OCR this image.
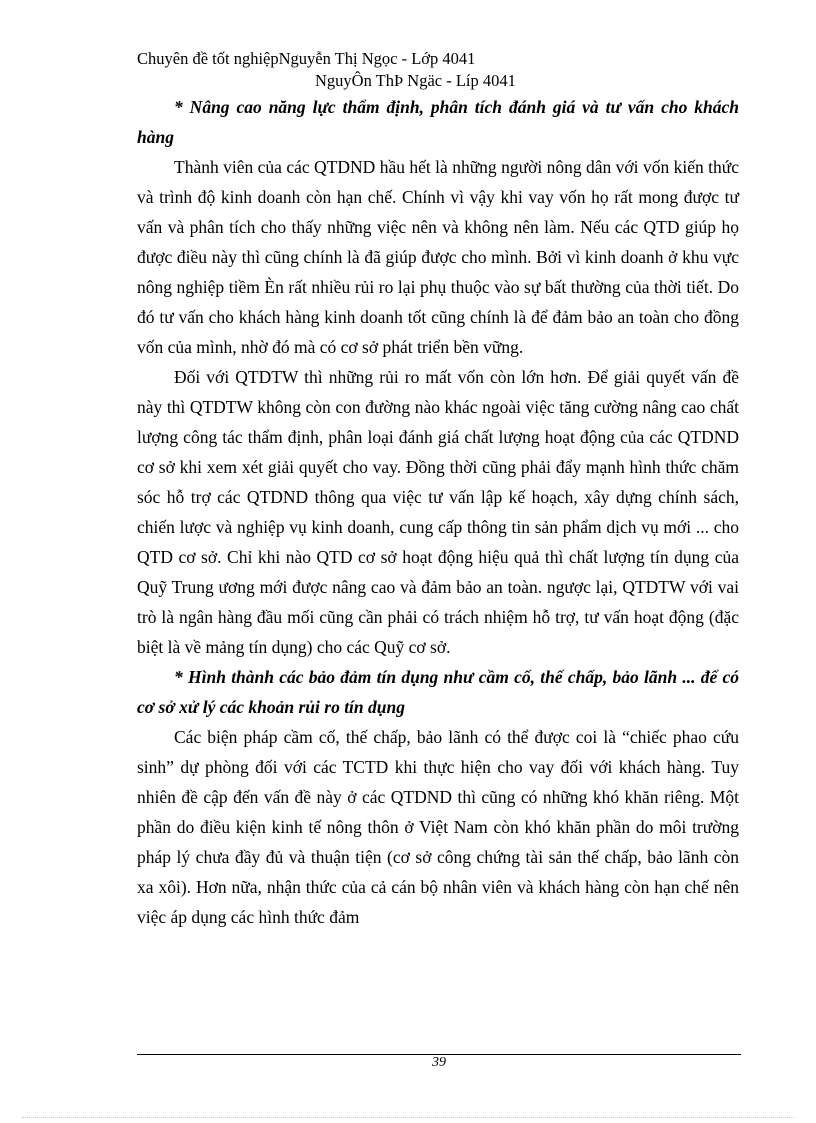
Chuyên đề tốt nghiệpNguyễn Thị Ngọc - Lớp 4041
NguyÔn ThÞ Ngäc - Líp 4041

* Nâng cao năng lực thẩm định, phân tích đánh giá và tư vấn cho khách hàng

Thành viên của các QTDND hầu hết là những người nông dân với vốn kiến thức và trình độ kinh doanh còn hạn chế. Chính vì vậy khi vay vốn họ rất mong được tư vấn và phân tích cho thấy những việc nên và không nên làm. Nếu các QTD giúp họ được điều này thì cũng chính là đã giúp được cho mình. Bởi vì kinh doanh ở khu vực nông nghiệp tiềm Èn rất nhiều rủi ro lại phụ thuộc vào sự bất thường của thời tiết. Do đó tư vấn cho khách hàng kinh doanh tốt cũng chính là để đảm bảo an toàn cho đồng vốn của mình, nhờ đó mà có cơ sở phát triển bền vững.

Đối với QTDTW thì những rủi ro mất vốn còn lớn hơn. Để giải quyết vấn đề này thì QTDTW không còn con đường nào khác ngoài việc tăng cường nâng cao chất lượng công tác thẩm định, phân loại đánh giá chất lượng hoạt động của các QTDND cơ sở khi xem xét giải quyết cho vay. Đồng thời cũng phải đẩy mạnh hình thức chăm sóc hỗ trợ các QTDND thông qua việc tư vấn lập kế hoạch, xây dựng chính sách, chiến lược và nghiệp vụ kinh doanh, cung cấp thông tin sản phẩm dịch vụ mới ... cho QTD cơ sở. Chỉ khi nào QTD cơ sở hoạt động hiệu quả thì chất lượng tín dụng của Quỹ Trung ương mới được nâng cao và đảm bảo an toàn. ngược lại, QTDTW với vai trò là ngân hàng đầu mối cũng cần phải có trách nhiệm hỗ trợ, tư vấn hoạt động (đặc biệt là về mảng tín dụng) cho các Quỹ cơ sở.

* Hình thành các bảo đảm tín dụng như cầm cố, thế chấp, bảo lãnh ... để có cơ sở xử lý các khoản rủi ro tín dụng

Các biện pháp cầm cố, thế chấp, bảo lãnh có thể được coi là “chiếc phao cứu sinh” dự phòng đối với các TCTD khi thực hiện cho vay đối với khách hàng. Tuy nhiên đề cập đến vấn đề này ở các QTDND thì cũng có những khó khăn riêng. Một phần do điều kiện kinh tế nông thôn ở Việt Nam còn khó khăn phần do môi trường pháp lý chưa đầy đủ và thuận tiện (cơ sở công chứng tài sản thế chấp, bảo lãnh còn xa xôi). Hơn nữa, nhận thức của cả cán bộ nhân viên và khách hàng còn hạn chế nên việc áp dụng các hình thức đảm

39
